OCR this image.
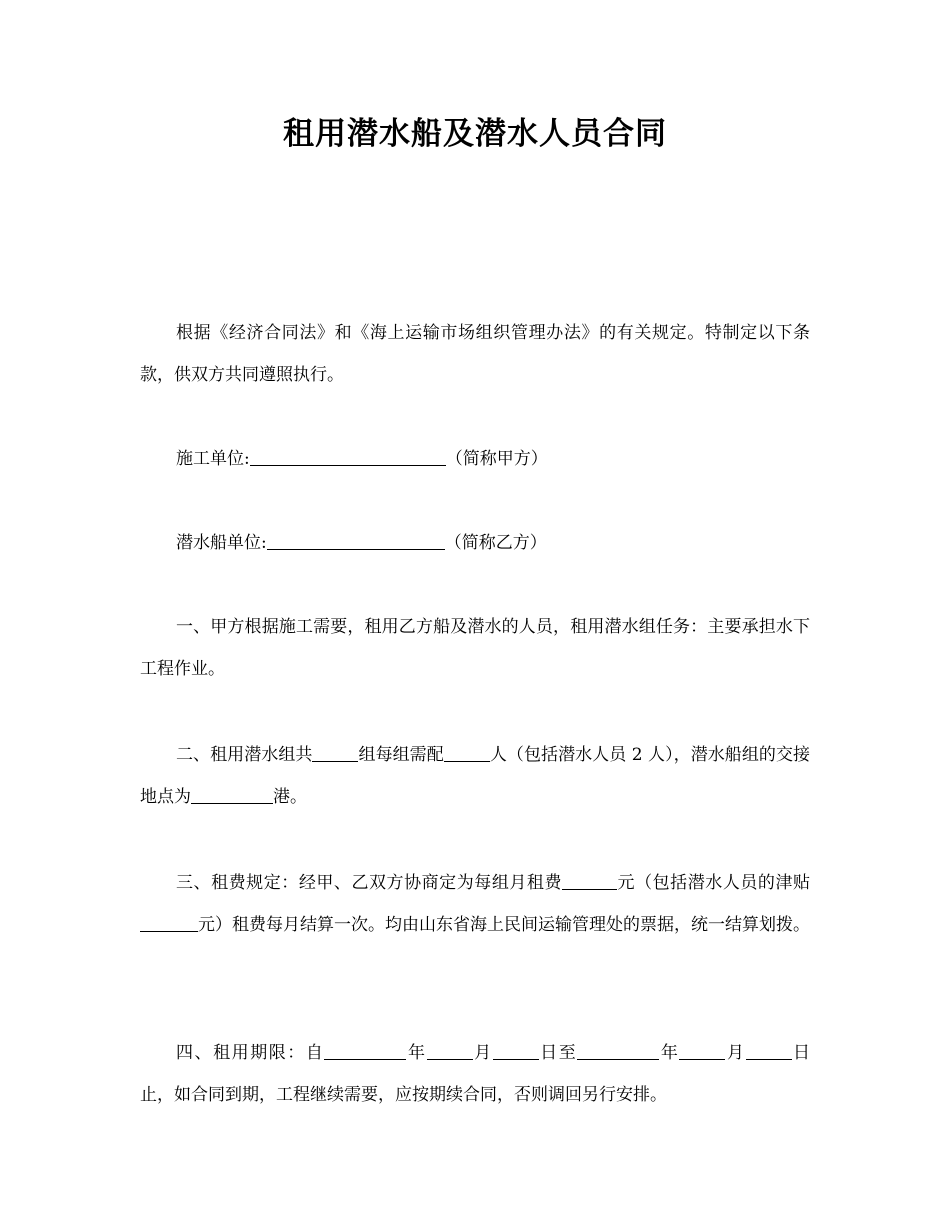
租用潜水船及潜水人员合同

根据《经济合同法》和《海上运输市场组织管理办法》的有关规定。特制定以下条款，供双方共同遵照执行。

施工单位:	（简称甲方）

潜水船单位:	（简称乙方）

一、甲方根据施工需要，租用乙方船及潜水的人员，租用潜水组任务：主要承担水下工程作业。

二、租用潜水组共	组每组需配	人（包括潜水人员 2 人），潜水船组的交接地点为	港。

三、租费规定：经甲、乙双方协商定为每组月租费	元（包括潜水人员的津贴元）租费每月结算一次。均由山东省海上民间运输管理处的票据，统一结算划拨。

四、租用期限：自	年	月	日至	年	月	日止，如合同到期，工程继续需要，应按期续合同，否则调回另行安排。
